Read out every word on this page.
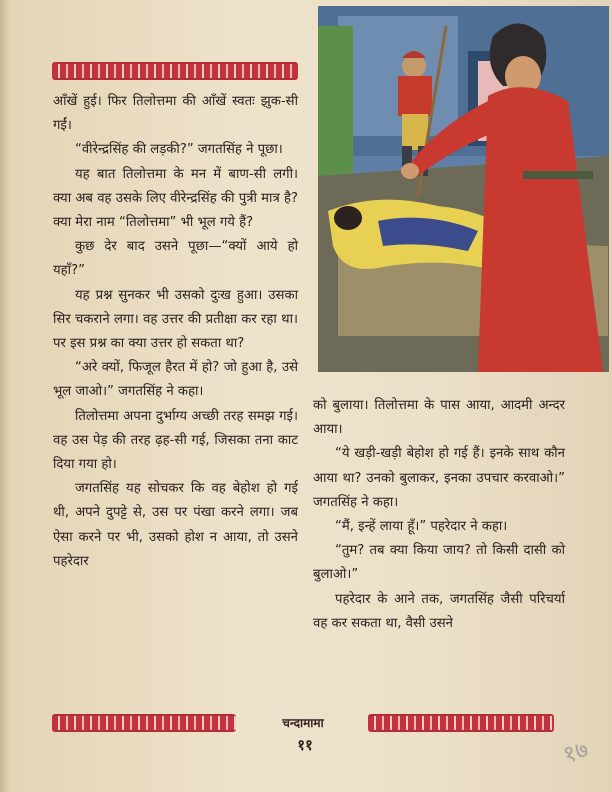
आँखें हुई। फिर तिलोत्तमा की आँखें स्वतः झुक-सी गईं।

“वीरेन्द्रसिंह की लड़की?” जगतसिंह ने पूछा।

यह बात तिलोत्तमा के मन में बाण-सी लगी। क्या अब वह उसके लिए वीरेन्द्रसिंह की पुत्री मात्र है? क्या मेरा नाम “तिलोत्तमा” भी भूल गये हैं?

कुछ देर बाद उसने पूछा—“क्यों आये हो यहाँ?”

यह प्रश्न सुनकर भी उसको दुःख हुआ। उसका सिर चकराने लगा। वह उत्तर की प्रतीक्षा कर रहा था। पर इस प्रश्न का क्या उत्तर हो सकता था?

“अरे क्यों, फिजूल हैरत में हो? जो हुआ है, उसे भूल जाओ।” जगतसिंह ने कहा।

तिलोत्तमा अपना दुर्भाग्य अच्छी तरह समझ गई। वह उस पेड़ की तरह ढ़ह-सी गई, जिसका तना काट दिया गया हो।

जगतसिंह यह सोचकर कि वह बेहोश हो गई थी, अपने दुपट्टे से, उस पर पंखा करने लगा। जब ऐसा करने पर भी, उसको होश न आया, तो उसने पहरेदार

को बुलाया। तिलोत्तमा के पास आया, आदमी अन्दर आया।

“ये खड़ी-खड़ी बेहोश हो गई हैं। इनके साथ कौन आया था? उनको बुलाकर, इनका उपचार करवाओ।” जगतसिंह ने कहा।

“मैं, इन्हें लाया हूँ।” पहरेदार ने कहा।

“तुम? तब क्या किया जाय? तो किसी दासी को बुलाओ।”

पहरेदार के आने तक, जगतसिंह जैसी परिचर्या वह कर सकता था, वैसी उसने

चन्दामामा
११	१७
